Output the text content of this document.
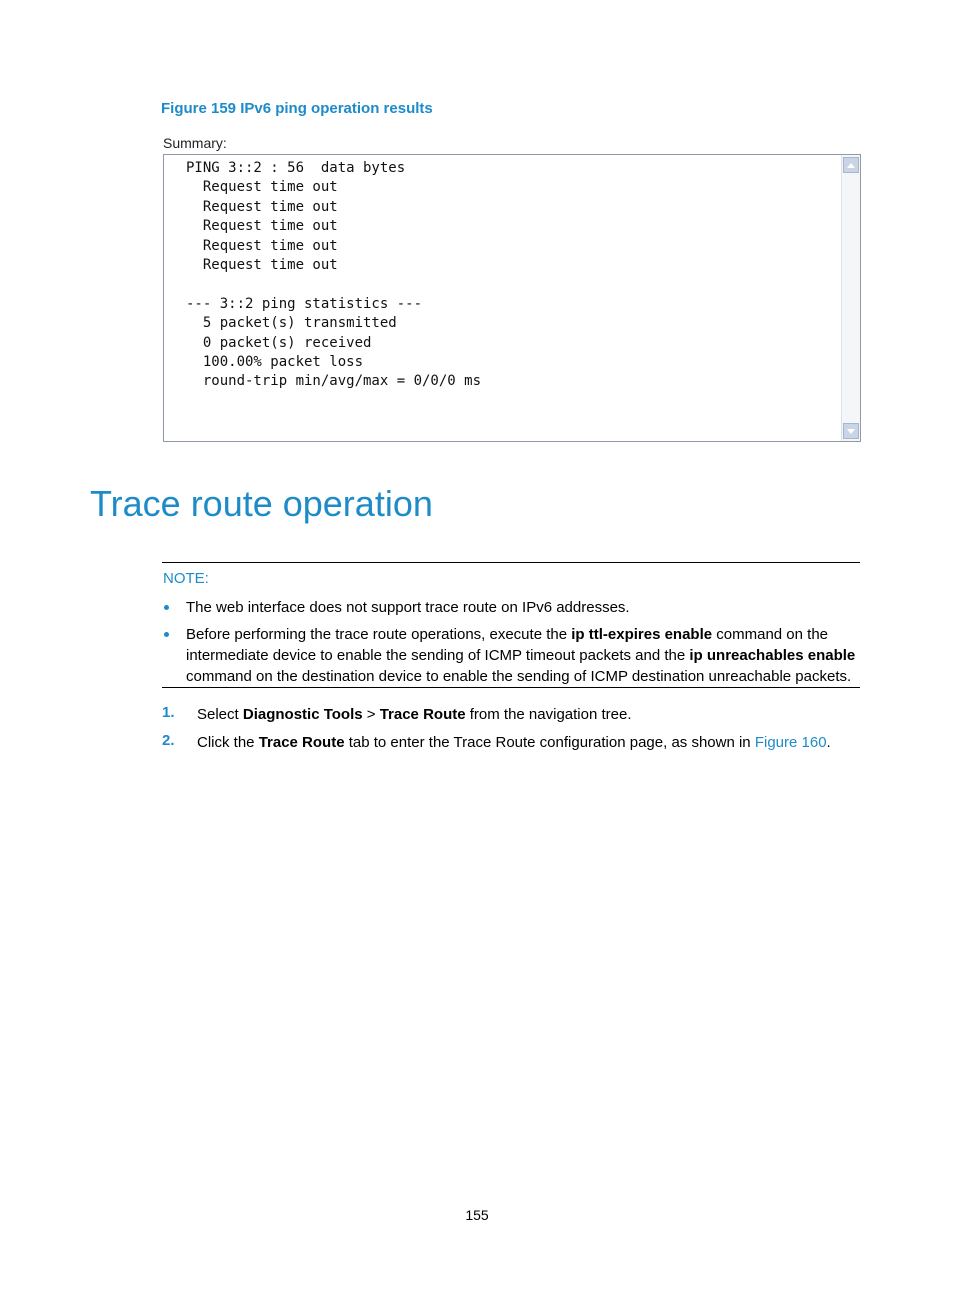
Figure 159 IPv6 ping operation results
Summary:
PING 3::2 : 56  data bytes
Request time out
Request time out
Request time out
Request time out
Request time out

--- 3::2 ping statistics ---
5 packet(s) transmitted
0 packet(s) received
100.00% packet loss
round-trip min/avg/max = 0/0/0 ms
Trace route operation
NOTE:
The web interface does not support trace route on IPv6 addresses.
Before performing the trace route operations, execute the ip ttl-expires enable command on the intermediate device to enable the sending of ICMP timeout packets and the ip unreachables enable command on the destination device to enable the sending of ICMP destination unreachable packets.
1. Select Diagnostic Tools > Trace Route from the navigation tree.
2. Click the Trace Route tab to enter the Trace Route configuration page, as shown in Figure 160.
155
